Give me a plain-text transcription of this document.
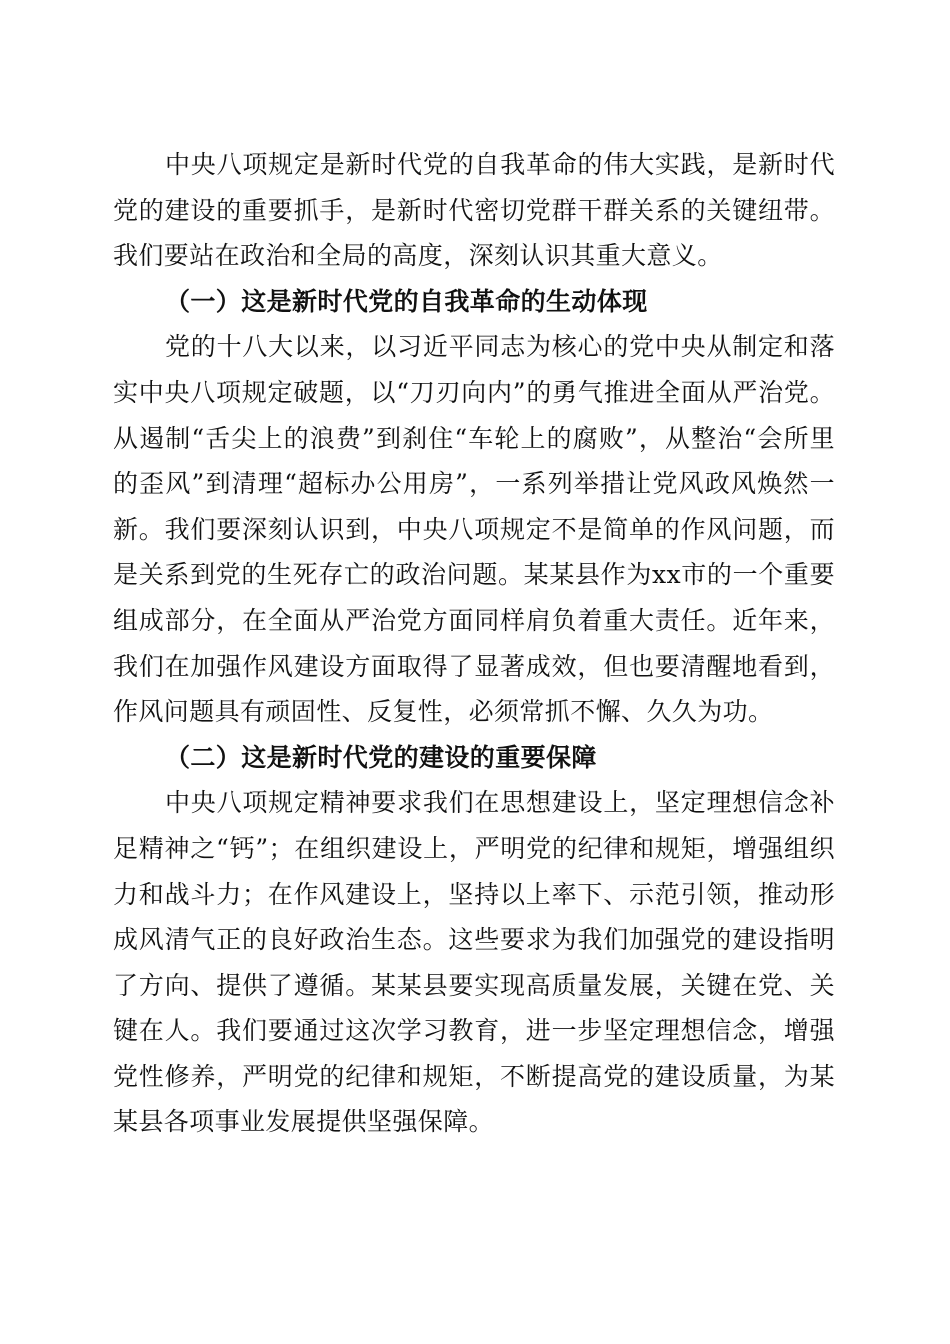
中央八项规定是新时代党的自我革命的伟大实践，是新时代党的建设的重要抓手，是新时代密切党群干群关系的关键纽带。我们要站在政治和全局的高度，深刻认识其重大意义。

（一）这是新时代党的自我革命的生动体现

党的十八大以来，以习近平同志为核心的党中央从制定和落实中央八项规定破题，以“刀刃向内”的勇气推进全面从严治党。从遏制“舌尖上的浪费”到刹住“车轮上的腐败”，从整治“会所里的歪风”到清理“超标办公用房”，一系列举措让党风政风焕然一新。我们要深刻认识到，中央八项规定不是简单的作风问题，而是关系到党的生死存亡的政治问题。某某县作为xx市的一个重要组成部分，在全面从严治党方面同样肩负着重大责任。近年来，我们在加强作风建设方面取得了显著成效，但也要清醒地看到，作风问题具有顽固性、反复性，必须常抓不懈、久久为功。

（二）这是新时代党的建设的重要保障

中央八项规定精神要求我们在思想建设上，坚定理想信念补足精神之“钙”；在组织建设上，严明党的纪律和规矩，增强组织力和战斗力；在作风建设上，坚持以上率下、示范引领，推动形成风清气正的良好政治生态。这些要求为我们加强党的建设指明了方向、提供了遵循。某某县要实现高质量发展，关键在党、关键在人。我们要通过这次学习教育，进一步坚定理想信念，增强党性修养，严明党的纪律和规矩，不断提高党的建设质量，为某某县各项事业发展提供坚强保障。
